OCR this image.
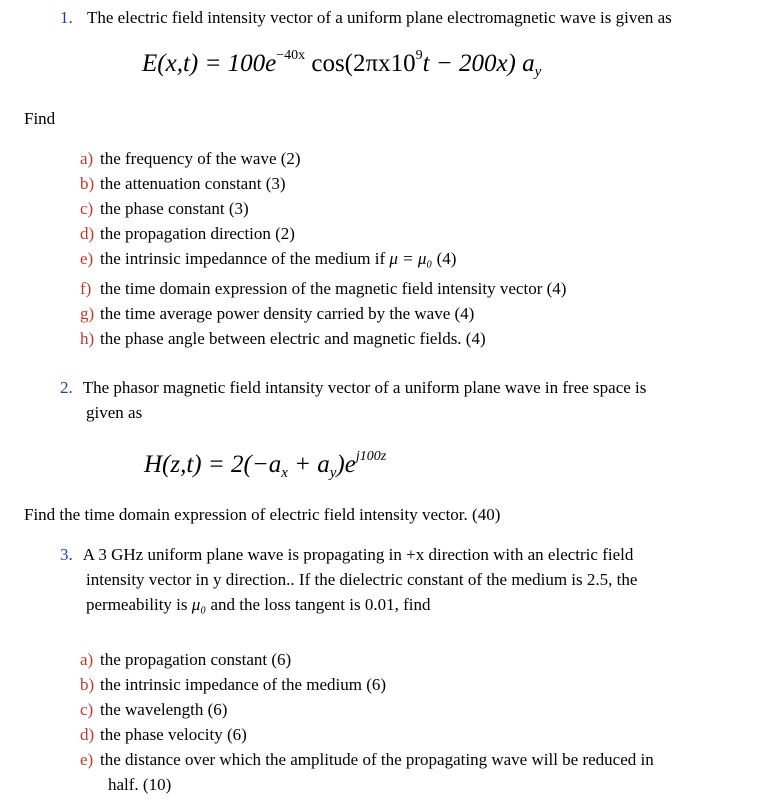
1. The electric field intensity vector of a uniform plane electromagnetic wave is given as
$E(x,t) = 100e^{-40x}$ $\cos(2\pi x10^9t - 200x)$ $a_y$
Find
a) the frequency of the wave (2)
b) the attenuation constant (3)
c) the phase constant (3)
d) the propagation direction (2)
e) the intrinsic impedannce of the medium if μ = μ₀ (4)
f) the time domain expression of the magnetic field intensity vector (4)
g) the time average power density carried by the wave (4)
h) the phase angle between electric and magnetic fields. (4)
2. The phasor magnetic field intansity vector of a uniform plane wave in free space is
given as
$H(z,t) = 2(-a_x + a_y)e^{j100z}$
Find the time domain expression of electric field intensity vector. (40)
3. A 3 GHz uniform plane wave is propagating in +x direction with an electric field
intensity vector in y direction.. If the dielectric constant of the medium is 2.5, the
permeability is μ₀ and the loss tangent is 0.01, find
a) the propagation constant (6)
b) the intrinsic impedance of the medium (6)
c) the wavelength (6)
d) the phase velocity (6)
e) the distance over which the amplitude of the propagating wave will be reduced in
half. (10)
